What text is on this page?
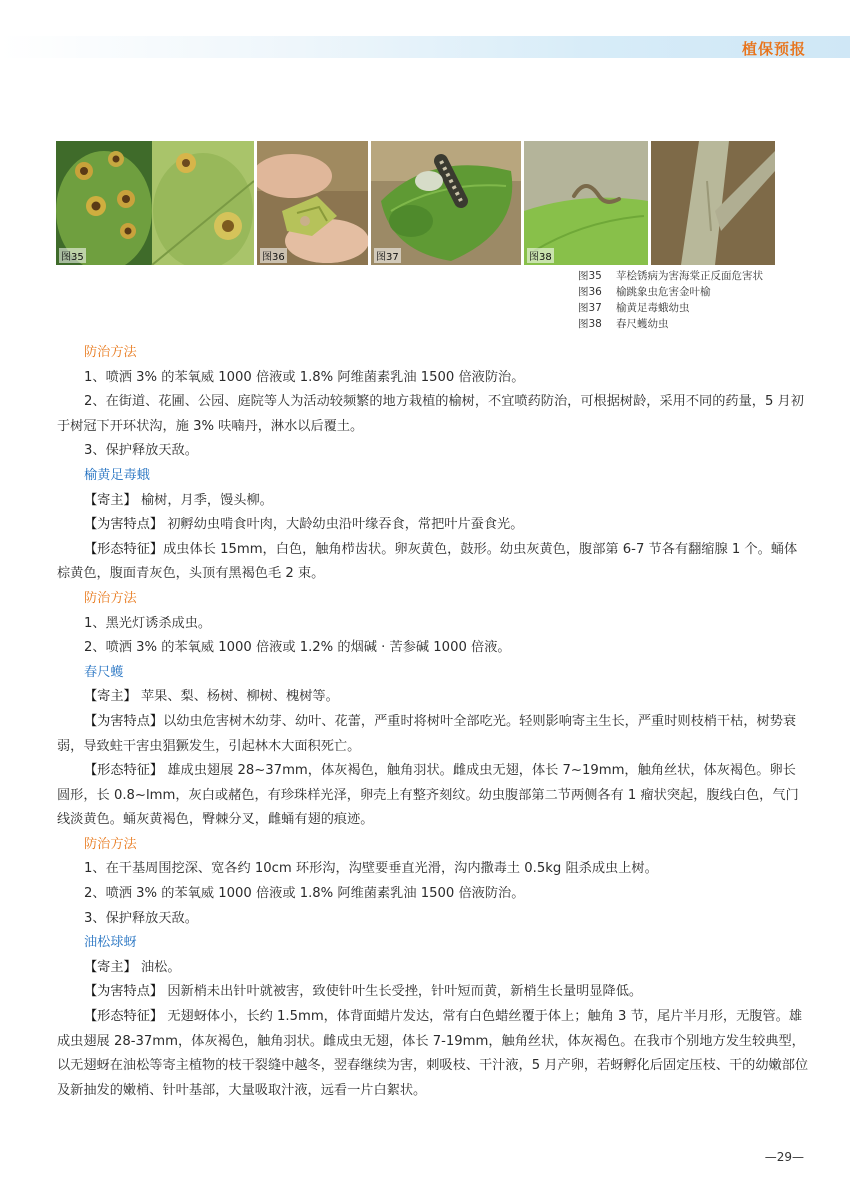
植保预报
图35	图36	图37	图38
图35 苹桧锈病为害海棠正反面危害状
图36 榆跳象虫危害金叶榆
图37 榆黄足毒蛾幼虫
图38 春尺蠖幼虫

防治方法

1、喷洒 3% 的苯氧威 1000 倍液或 1.8% 阿维菌素乳油 1500 倍液防治。

2、在街道、花圃、公园、庭院等人为活动较频繁的地方栽植的榆树，不宜喷药防治，可根据树龄，采用不同的药量，5 月初于树冠下开环状沟，施 3% 呋喃丹，淋水以后覆土。

3、保护释放天敌。

榆黄足毒蛾

【寄主】 榆树，月季，馒头柳。

【为害特点】 初孵幼虫啃食叶肉，大龄幼虫沿叶缘吞食，常把叶片蚕食光。

【形态特征】成虫体长 15mm，白色，触角栉齿状。卵灰黄色，鼓形。幼虫灰黄色，腹部第 6-7 节各有翻缩腺 1 个。蛹体棕黄色，腹面青灰色，头顶有黑褐色毛 2 束。

防治方法

1、黑光灯诱杀成虫。

2、喷洒 3% 的苯氧威 1000 倍液或 1.2% 的烟碱 · 苦参碱 1000 倍液。

春尺蠖

【寄主】 苹果、梨、杨树、柳树、槐树等。

【为害特点】以幼虫危害树木幼芽、幼叶、花蕾，严重时将树叶全部吃光。轻则影响寄主生长，严重时则枝梢干枯，树势衰弱，导致蛀干害虫猖獗发生，引起林木大面积死亡。

【形态特征】 雄成虫翅展 28~37mm，体灰褐色，触角羽状。雌成虫无翅，体长 7~19mm，触角丝状，体灰褐色。卵长圆形，长 0.8~lmm，灰白或赭色，有珍珠样光泽，卵壳上有整齐刻纹。幼虫腹部第二节两侧各有 1 瘤状突起，腹线白色，气门线淡黄色。蛹灰黄褐色，臀棘分叉，雌蛹有翅的痕迹。

防治方法

1、在干基周围挖深、宽各约 10cm 环形沟，沟壁要垂直光滑，沟内撒毒土 0.5kg 阻杀成虫上树。

2、喷洒 3% 的苯氧威 1000 倍液或 1.8% 阿维菌素乳油 1500 倍液防治。

3、保护释放天敌。

油松球蚜

【寄主】 油松。

【为害特点】 因新梢未出针叶就被害，致使针叶生长受挫，针叶短而黄，新梢生长量明显降低。

【形态特征】 无翅蚜体小，长约 1.5mm，体背面蜡片发达，常有白色蜡丝覆于体上；触角 3 节，尾片半月形，无腹管。雄成虫翅展 28-37mm，体灰褐色，触角羽状。雌成虫无翅，体长 7-19mm，触角丝状，体灰褐色。在我市个别地方发生较典型，以无翅蚜在油松等寄主植物的枝干裂缝中越冬，翌春继续为害，刺吸枝、干汁液，5 月产卵，若蚜孵化后固定压枝、干的幼嫩部位及新抽发的嫩梢、针叶基部，大量吸取汁液，远看一片白絮状。

—29—
